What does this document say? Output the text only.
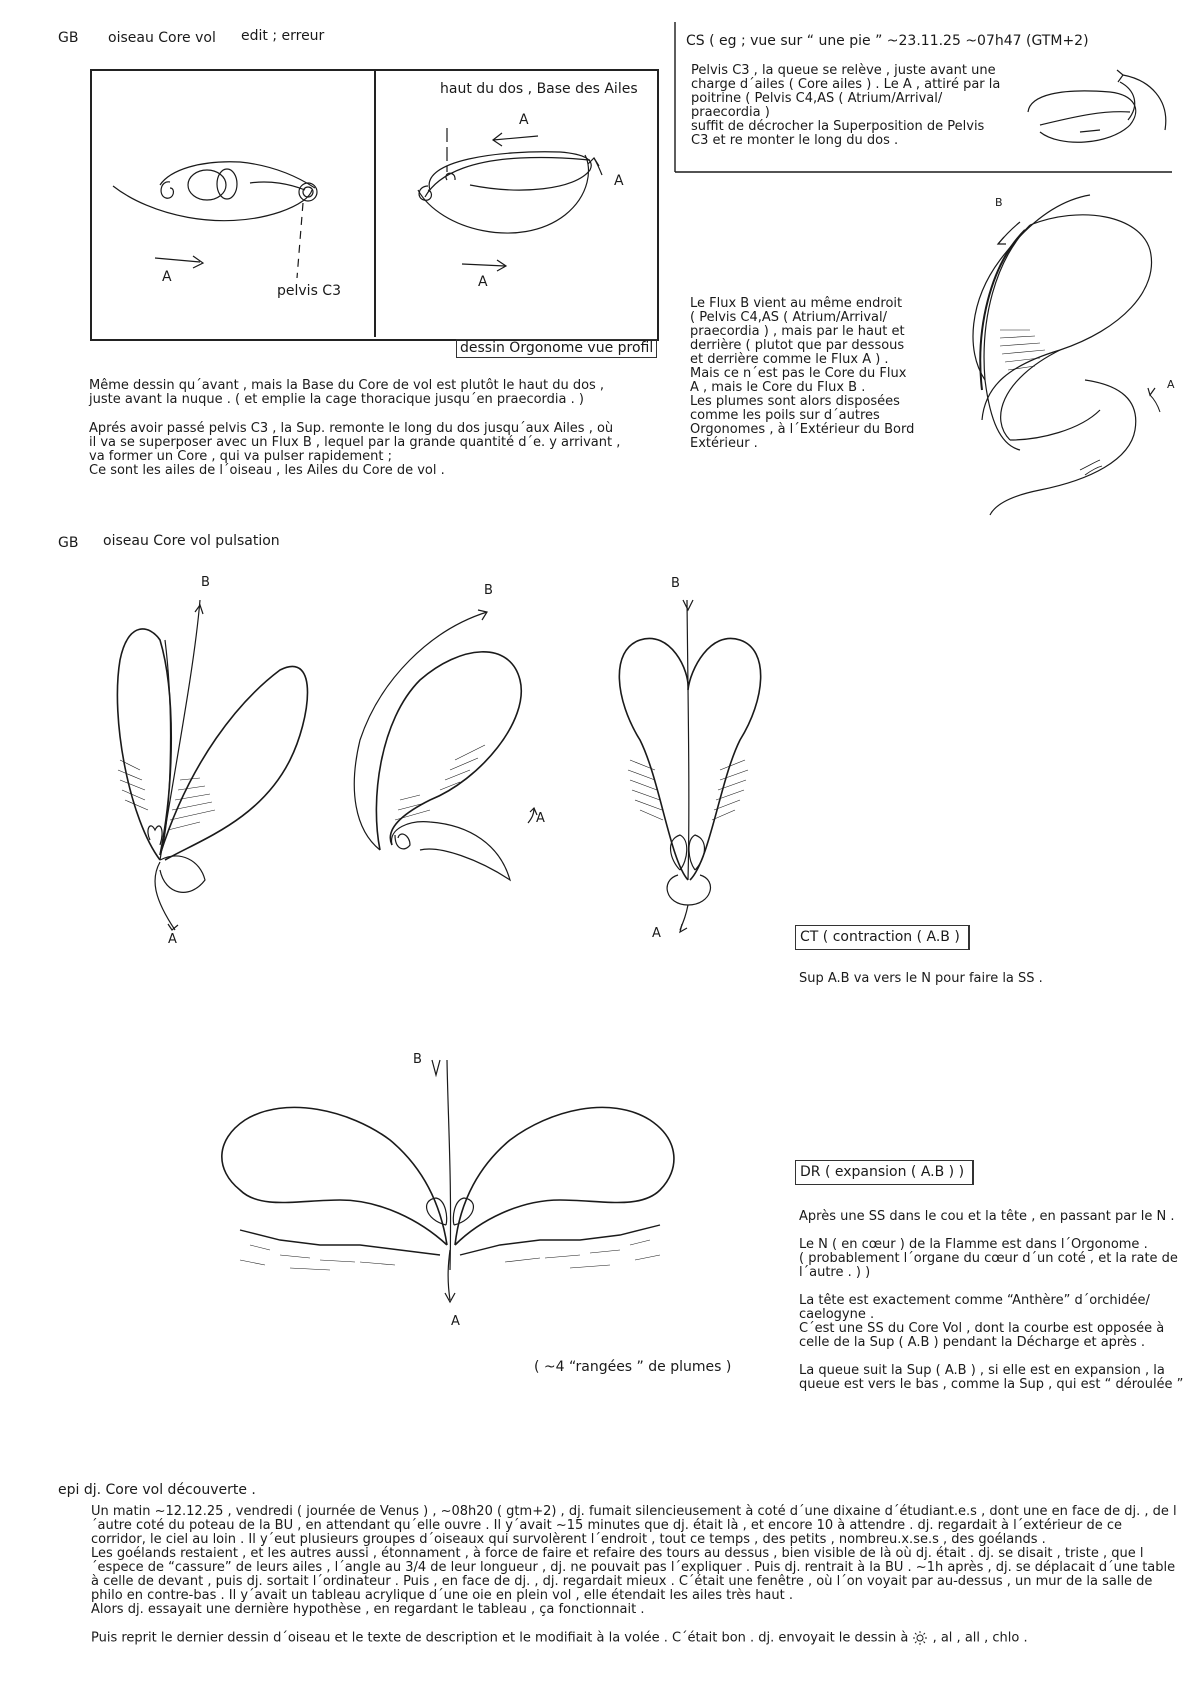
GB oiseau Core vol edit ; erreur
pelvis C3
haut du dos , Base des Ailes
A	A
A
A
dessin Orgonome vue profil
Même dessin qu´avant , mais la Base du Core de vol est plutôt le haut du dos ,
juste avant la nuque . ( et emplie la cage thoracique jusqu´en praecordia . )
Aprés avoir passé pelvis C3 , la Sup. remonte le long du dos jusqu´aux Ailes , où
il va se superposer avec un Flux B , lequel par la grande quantité d´e. y arrivant ,
va former un Core , qui va pulser rapidement ;
Ce sont les ailes de l´oiseau , les Ailes du Core de vol .
CS ( eg ; vue sur “ une pie ” ~23.11.25 ~07h47 (GTM+2)
Pelvis C3 , la queue se relève , juste avant une
charge d´ailes ( Core ailes ) . Le A , attiré par la
poitrine ( Pelvis C4,AS ( Atrium/Arrival/
praecordia )
suffit de décrocher la Superposition de Pelvis
C3 et re monter le long du dos .
Le Flux B vient au même endroit
( Pelvis C4,AS ( Atrium/Arrival/
praecordia ) , mais par le haut et
derrière ( plutot que par dessous
et derrière comme le Flux A ) .
Mais ce n´est pas le Core du Flux
A , mais le Core du Flux B .
Les plumes sont alors disposées
comme les poils sur d´autres
Orgonomes , à l´Extérieur du Bord
Extérieur .
B
A
GB oiseau Core vol pulsation
B
B	B
A
A
A
B
A
CT ( contraction ( A.B )
Sup A.B va vers le N pour faire la SS .
DR ( expansion ( A.B ) )
Après une SS dans le cou et la tête , en passant par le N .

Le N ( en cœur ) de la Flamme est dans l´Orgonome .
( probablement l´organe du cœur d´un coté , et la rate de
l´autre . ) )

La tête est exactement comme “Anthère” d´orchidée/
caelogyne .
C´est une SS du Core Vol , dont la courbe est opposée à
celle de la Sup ( A.B ) pendant la Décharge et après .

La queue suit la Sup ( A.B ) , si elle est en expansion , la
queue est vers le bas , comme la Sup , qui est “ déroulée ”
( ~4 “rangées ” de plumes )
epi dj. Core vol découverte .
Un matin ~12.12.25 , vendredi ( journée de Venus ) , ~08h20 ( gtm+2) , dj. fumait silencieusement à coté d´une dixaine d´étudiant.e.s , dont une en face de dj. , de l
´autre coté du poteau de la BU , en attendant qu´elle ouvre . Il y´avait ~15 minutes que dj. était là , et encore 10 à attendre . dj. regardait à l´extérieur de ce
corridor, le ciel au loin . Il y´eut plusieurs groupes d´oiseaux qui survolèrent l´endroit , tout ce temps , des petits , nombreu.x.se.s , des goélands .
Les goélands restaient , et les autres aussi , étonnament , à force de faire et refaire des tours au dessus , bien visible de là où dj. était . dj. se disait , triste , que l
´espece de “cassure” de leurs ailes , l´angle au 3/4 de leur longueur , dj. ne pouvait pas l´expliquer . Puis dj. rentrait à la BU . ~1h après , dj. se déplacait d´une table
à celle de devant , puis dj. sortait l´ordinateur . Puis , en face de dj. , dj. regardait mieux . C´était une fenêtre , où l´on voyait par au-dessus , un mur de la salle de
philo en contre-bas . Il y´avait un tableau acrylique d´une oie en plein vol , elle étendait les ailes très haut .
Alors dj. essayait une dernière hypothèse , en regardant le tableau , ça fonctionnait .
Puis reprit le dernier dessin d´oiseau et le texte de description et le modifiait à la volée . C´était bon . dj. envoyait le dessin à , al , all , chlo .
